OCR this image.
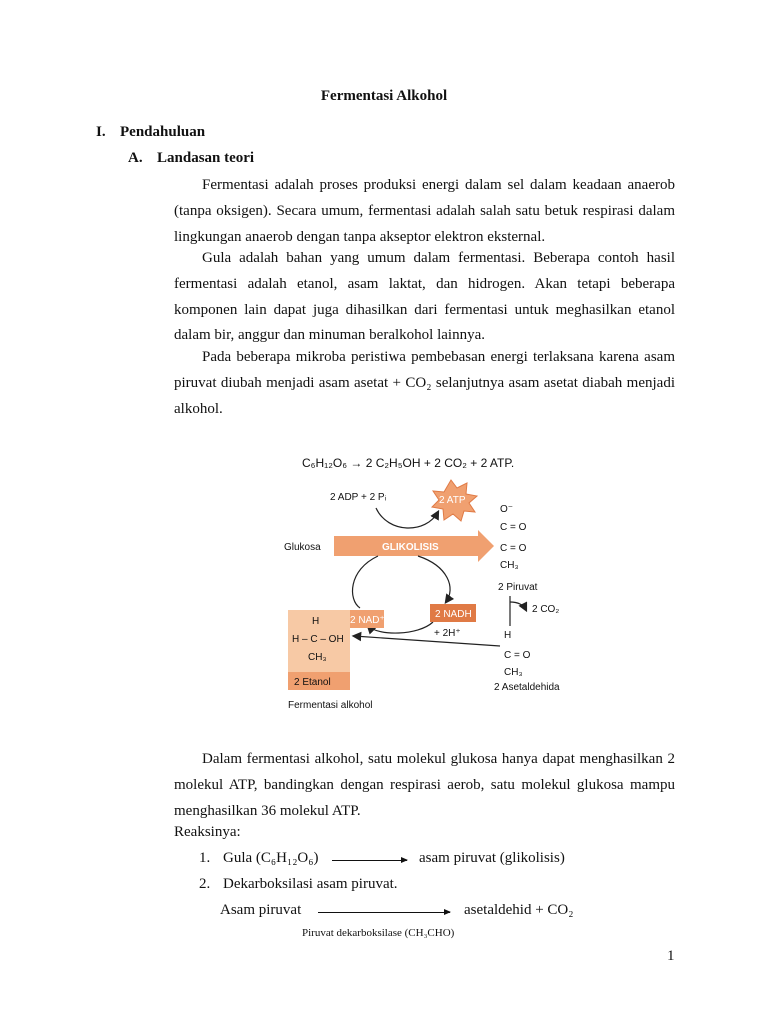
Fermentasi Alkohol
I. Pendahuluan
A. Landasan teori

Fermentasi adalah proses produksi energi dalam sel dalam keadaan anaerob (tanpa oksigen). Secara umum, fermentasi adalah salah satu betuk respirasi dalam lingkungan anaerob dengan tanpa akseptor elektron eksternal.

Gula adalah bahan yang umum dalam fermentasi. Beberapa contoh hasil fermentasi adalah etanol, asam laktat, dan hidrogen. Akan tetapi beberapa komponen lain dapat juga dihasilkan dari fermentasi untuk meghasilkan etanol dalam bir, anggur dan minuman beralkohol lainnya.

Pada beberapa mikroba peristiwa pembebasan energi terlaksana karena asam piruvat diubah menjadi asam asetat + CO₂ selanjutnya asam asetat diabah menjadi alkohol.

C₆H₁₂O₆ → 2 C₂H₅OH + 2 CO₂ + 2 ATP.
2 ADP + 2 Pᵢ	2 ATP
Glukosa	GLIKOLISIS
2 NAD⁺
2 NADH
+ 2H⁺
O⁻
C = O
C = O
CH₃
2 Piruvat
2 CO₂
H
C = O
CH₃
2 Asetaldehida
H
H – C – OH
CH₃
2 Etanol
Fermentasi alkohol

Dalam fermentasi alkohol, satu molekul glukosa hanya dapat menghasilkan 2 molekul ATP, bandingkan dengan respirasi aerob, satu molekul glukosa mampu menghasilkan 36 molekul ATP.

Reaksinya:
1. Gula (C₆H₁₂O₆)	asam piruvat (glikolisis)
2. Dekarboksilasi asam piruvat.
Asam piruvat	asetaldehid + CO₂
Piruvat dekarboksilase (CH₃CHO)
1
